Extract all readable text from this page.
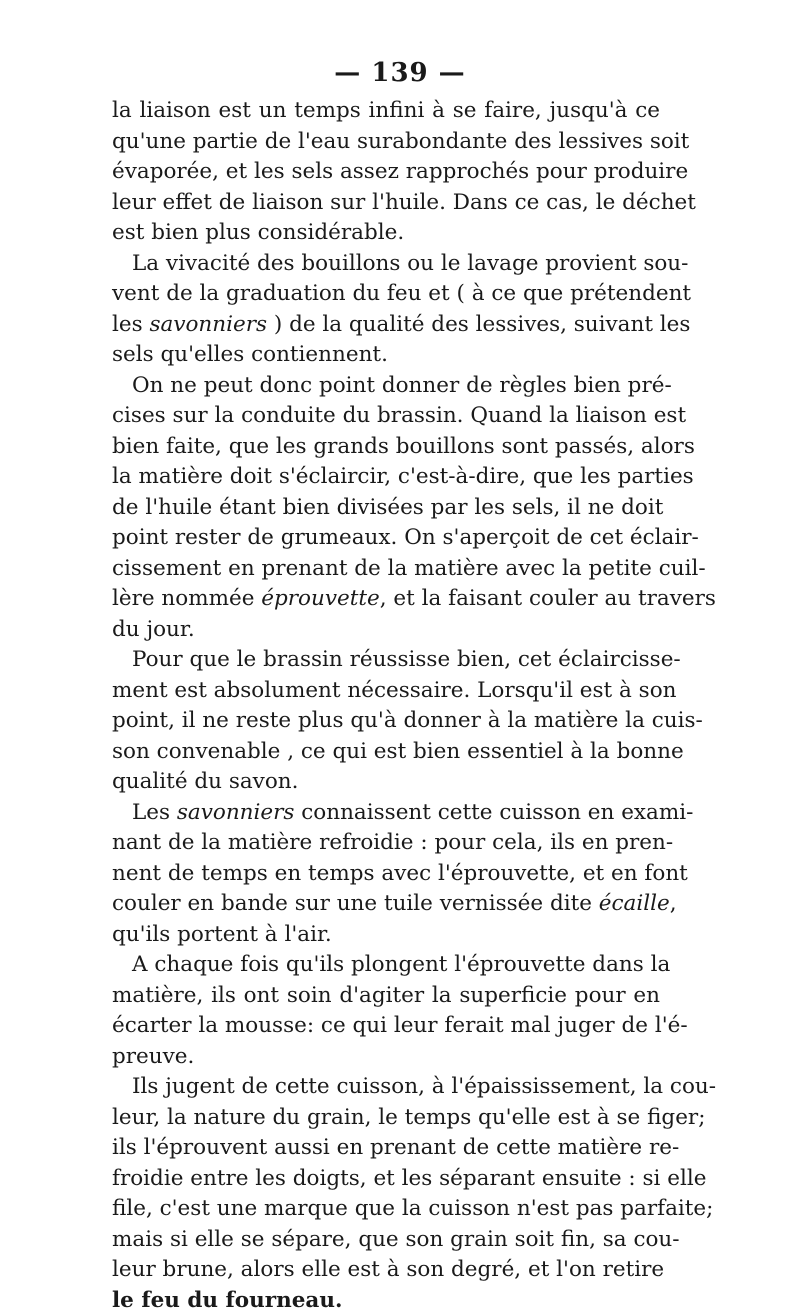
— 139 —
la liaison est un temps infini à se faire, jusqu'à ce
qu'une partie de l'eau surabondante des lessives soit
évaporée, et les sels assez rapprochés pour produire
leur effet de liaison sur l'huile. Dans ce cas, le déchet
est bien plus considérable.
La vivacité des bouillons ou le lavage provient sou-
vent de la graduation du feu et ( à ce que prétendent
les savonniers ) de la qualité des lessives, suivant les
sels qu'elles contiennent.
On ne peut donc point donner de règles bien pré-
cises sur la conduite du brassin. Quand la liaison est
bien faite, que les grands bouillons sont passés, alors
la matière doit s'éclaircir, c'est-à-dire, que les parties
de l'huile étant bien divisées par les sels, il ne doit
point rester de grumeaux. On s'aperçoit de cet éclair-
cissement en prenant de la matière avec la petite cuil-
lère nommée éprouvette, et la faisant couler au travers
du jour.
Pour que le brassin réussisse bien, cet éclaircisse-
ment est absolument nécessaire. Lorsqu'il est à son
point, il ne reste plus qu'à donner à la matière la cuis-
son convenable , ce qui est bien essentiel à la bonne
qualité du savon.
Les savonniers connaissent cette cuisson en exami-
nant de la matière refroidie : pour cela, ils en pren-
nent de temps en temps avec l'éprouvette, et en font
couler en bande sur une tuile vernissée dite écaille,
qu'ils portent à l'air.
A chaque fois qu'ils plongent l'éprouvette dans la
matière, ils ont soin d'agiter la superficie pour en
écarter la mousse: ce qui leur ferait mal juger de l'é-
preuve.
Ils jugent de cette cuisson, à l'épaississement, la cou-
leur, la nature du grain, le temps qu'elle est à se figer;
ils l'éprouvent aussi en prenant de cette matière re-
froidie entre les doigts, et les séparant ensuite : si elle
file, c'est une marque que la cuisson n'est pas parfaite;
mais si elle se sépare, que son grain soit fin, sa cou-
leur brune, alors elle est à son degré, et l'on retire
le feu du fourneau.
